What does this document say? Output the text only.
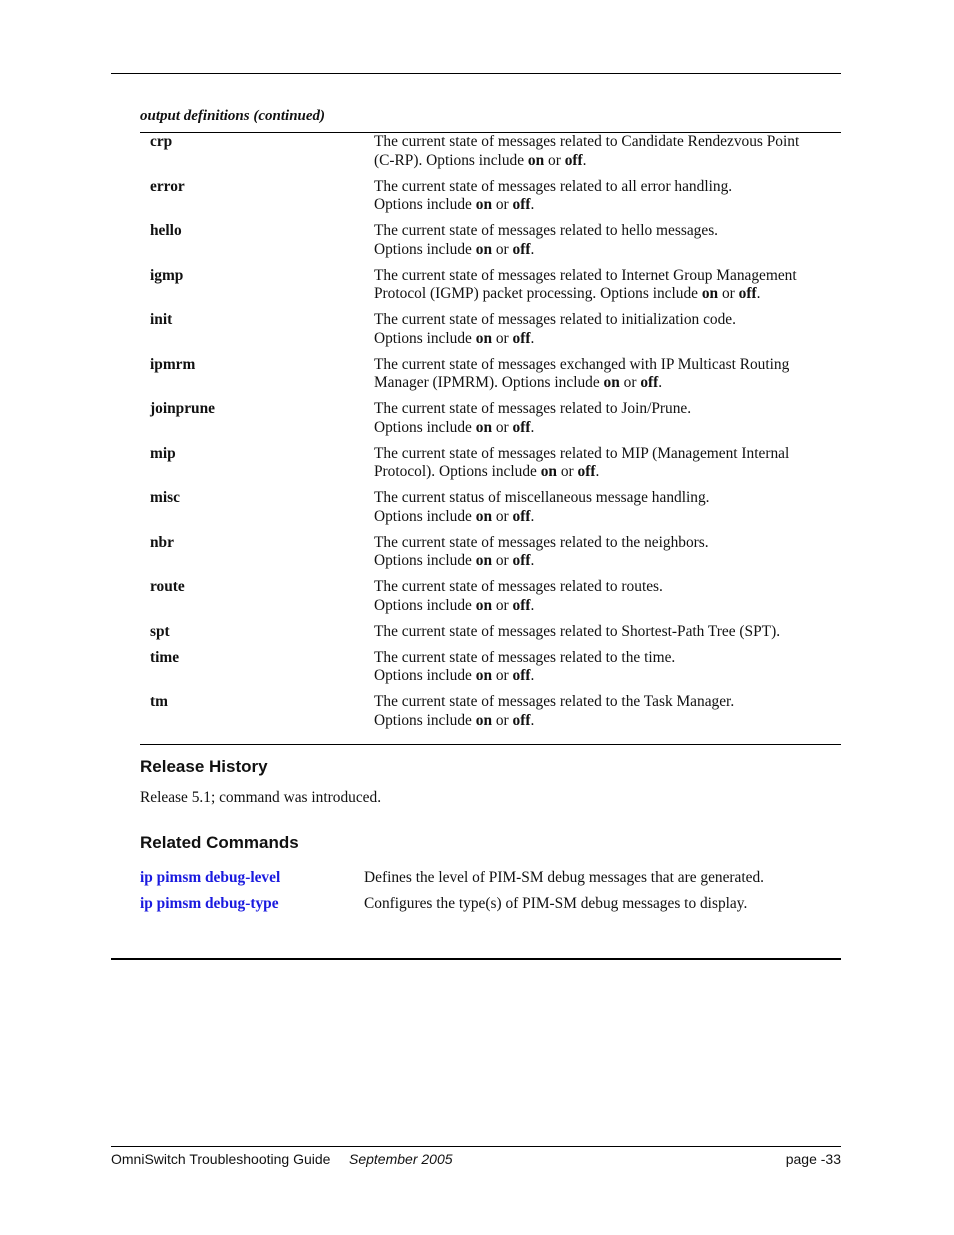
output definitions (continued)
crp	The current state of messages related to Candidate Rendezvous Point
(C-RP). Options include on or off.
error	The current state of messages related to all error handling.
Options include on or off.
hello	The current state of messages related to hello messages.
Options include on or off.
igmp	The current state of messages related to Internet Group Management
Protocol (IGMP) packet processing. Options include on or off.
init	The current state of messages related to initialization code.
Options include on or off.
ipmrm	The current state of messages exchanged with IP Multicast Routing
Manager (IPMRM). Options include on or off.
joinprune	The current state of messages related to Join/Prune.
Options include on or off.
mip	The current state of messages related to MIP (Management Internal
Protocol). Options include on or off.
misc	The current status of miscellaneous message handling.
Options include on or off.
nbr	The current state of messages related to the neighbors.
Options include on or off.
route	The current state of messages related to routes.
Options include on or off.
spt	The current state of messages related to Shortest-Path Tree (SPT).
time	The current state of messages related to the time.
Options include on or off.
tm	The current state of messages related to the Task Manager.
Options include on or off.
Release History
Release 5.1; command was introduced.
Related Commands
ip pimsm debug-level	Defines the level of PIM-SM debug messages that are generated.
ip pimsm debug-type	Configures the type(s) of PIM-SM debug messages to display.
OmniSwitch Troubleshooting Guide September 2005	page -33
